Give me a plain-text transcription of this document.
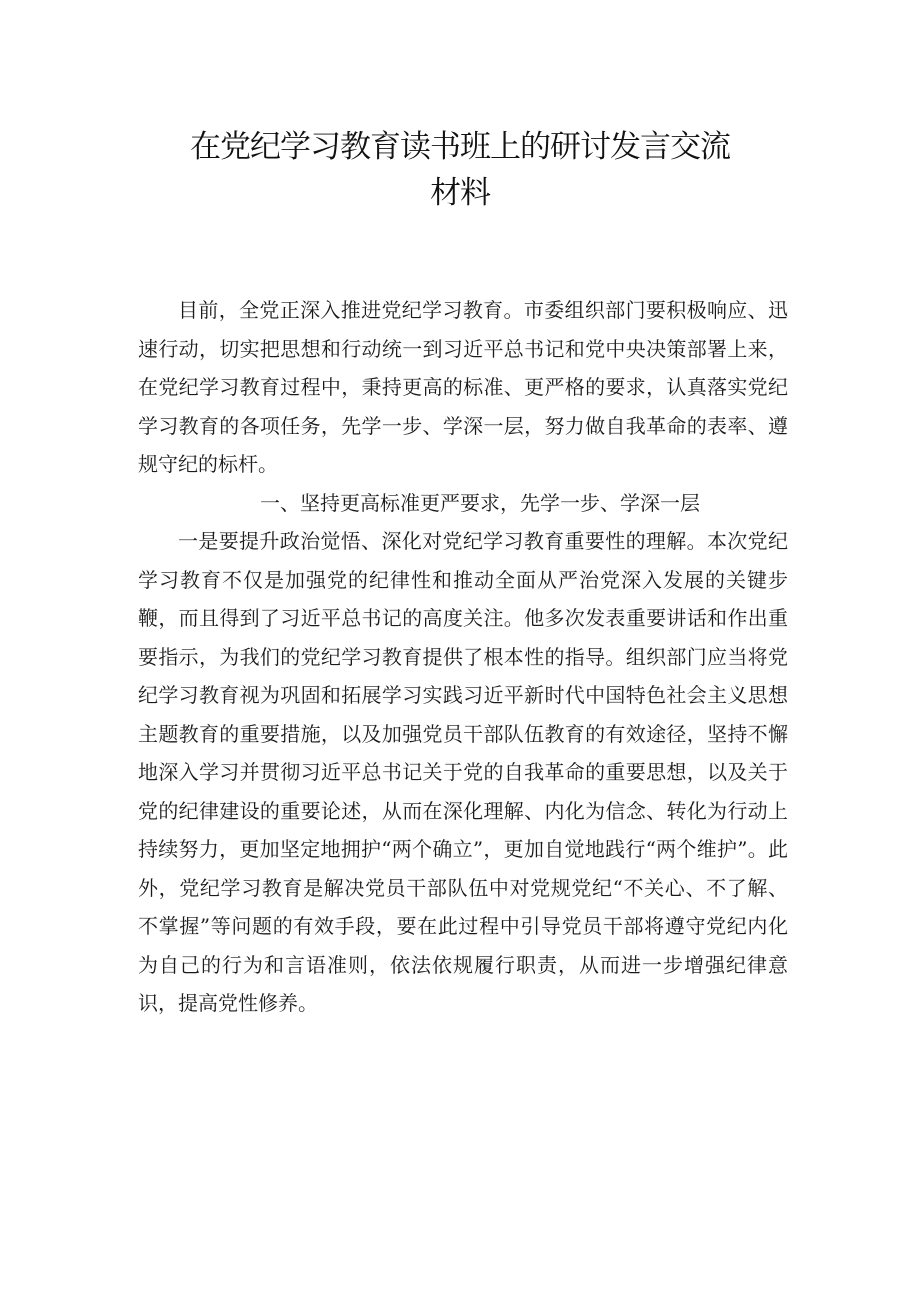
在党纪学习教育读书班上的研讨发言交流
材料

目前，全党正深入推进党纪学习教育。市委组织部门要积极响应、迅速行动，切实把思想和行动统一到习近平总书记和党中央决策部署上来，在党纪学习教育过程中，秉持更高的标准、更严格的要求，认真落实党纪学习教育的各项任务，先学一步、学深一层，努力做自我革命的表率、遵规守纪的标杆。

一、坚持更高标准更严要求，先学一步、学深一层

一是要提升政治觉悟、深化对党纪学习教育重要性的理解。本次党纪学习教育不仅是加强党的纪律性和推动全面从严治党深入发展的关键步鞭，而且得到了习近平总书记的高度关注。他多次发表重要讲话和作出重要指示，为我们的党纪学习教育提供了根本性的指导。组织部门应当将党纪学习教育视为巩固和拓展学习实践习近平新时代中国特色社会主义思想主题教育的重要措施，以及加强党员干部队伍教育的有效途径，坚持不懈地深入学习并贯彻习近平总书记关于党的自我革命的重要思想，以及关于党的纪律建设的重要论述，从而在深化理解、内化为信念、转化为行动上持续努力，更加坚定地拥护“两个确立”，更加自觉地践行“两个维护”。此外，党纪学习教育是解决党员干部队伍中对党规党纪“不关心、不了解、不掌握”等问题的有效手段，要在此过程中引导党员干部将遵守党纪内化为自己的行为和言语准则，依法依规履行职责，从而进一步增强纪律意识，提高党性修养。
